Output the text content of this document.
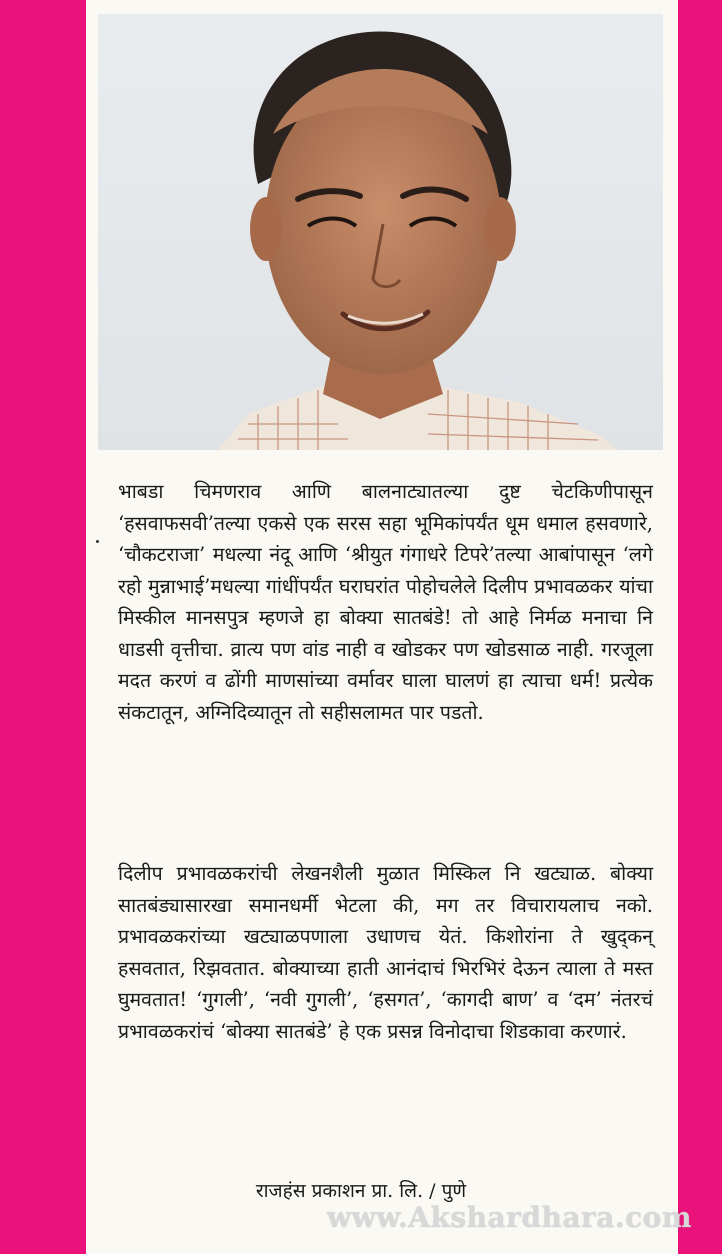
भाबडा चिमणराव आणि बालनाट्यातल्या दुष्ट चेटकिणीपासून ‘हसवाफसवी’तल्या एकसे एक सरस सहा भूमिकांपर्यंत धूम धमाल हसवणारे, ‘चौकटराजा’ मधल्या नंदू आणि ‘श्रीयुत गंगाधरे टिपरे’तल्या आबांपासून ‘लगे रहो मुन्नाभाई’मधल्या गांधींपर्यंत घराघरांत पोहोचलेले दिलीप प्रभावळकर यांचा मिस्कील मानसपुत्र म्हणजे हा बोक्या सातबंडे! तो आहे निर्मळ मनाचा नि धाडसी वृत्तीचा. व्रात्य पण वांड नाही व खोडकर पण खोडसाळ नाही. गरजूला मदत करणं व ढोंगी माणसांच्या वर्मावर घाला घालणं हा त्याचा धर्म! प्रत्येक संकटातून, अग्निदिव्यातून तो सहीसलामत पार पडतो.

दिलीप प्रभावळकरांची लेखनशैली मुळात मिस्किल नि खट्याळ. बोक्या सातबंड्यासारखा समानधर्मी भेटला की, मग तर विचारायलाच नको. प्रभावळकरांच्या खट्याळपणाला उधाणच येतं. किशोरांना ते खुद्कन् हसवतात, रिझवतात. बोक्याच्या हाती आनंदाचं भिरभिरं देऊन त्याला ते मस्त घुमवतात! ‘गुगली’, ‘नवी गुगली’, ‘हसगत’, ‘कागदी बाण’ व ‘दम’ नंतरचं प्रभावळकरांचं ‘बोक्या सातबंडे’ हे एक प्रसन्न विनोदाचा शिडकावा करणारं.

राजहंस प्रकाशन प्रा. लि. / पुणे
www.Akshardhara.com
